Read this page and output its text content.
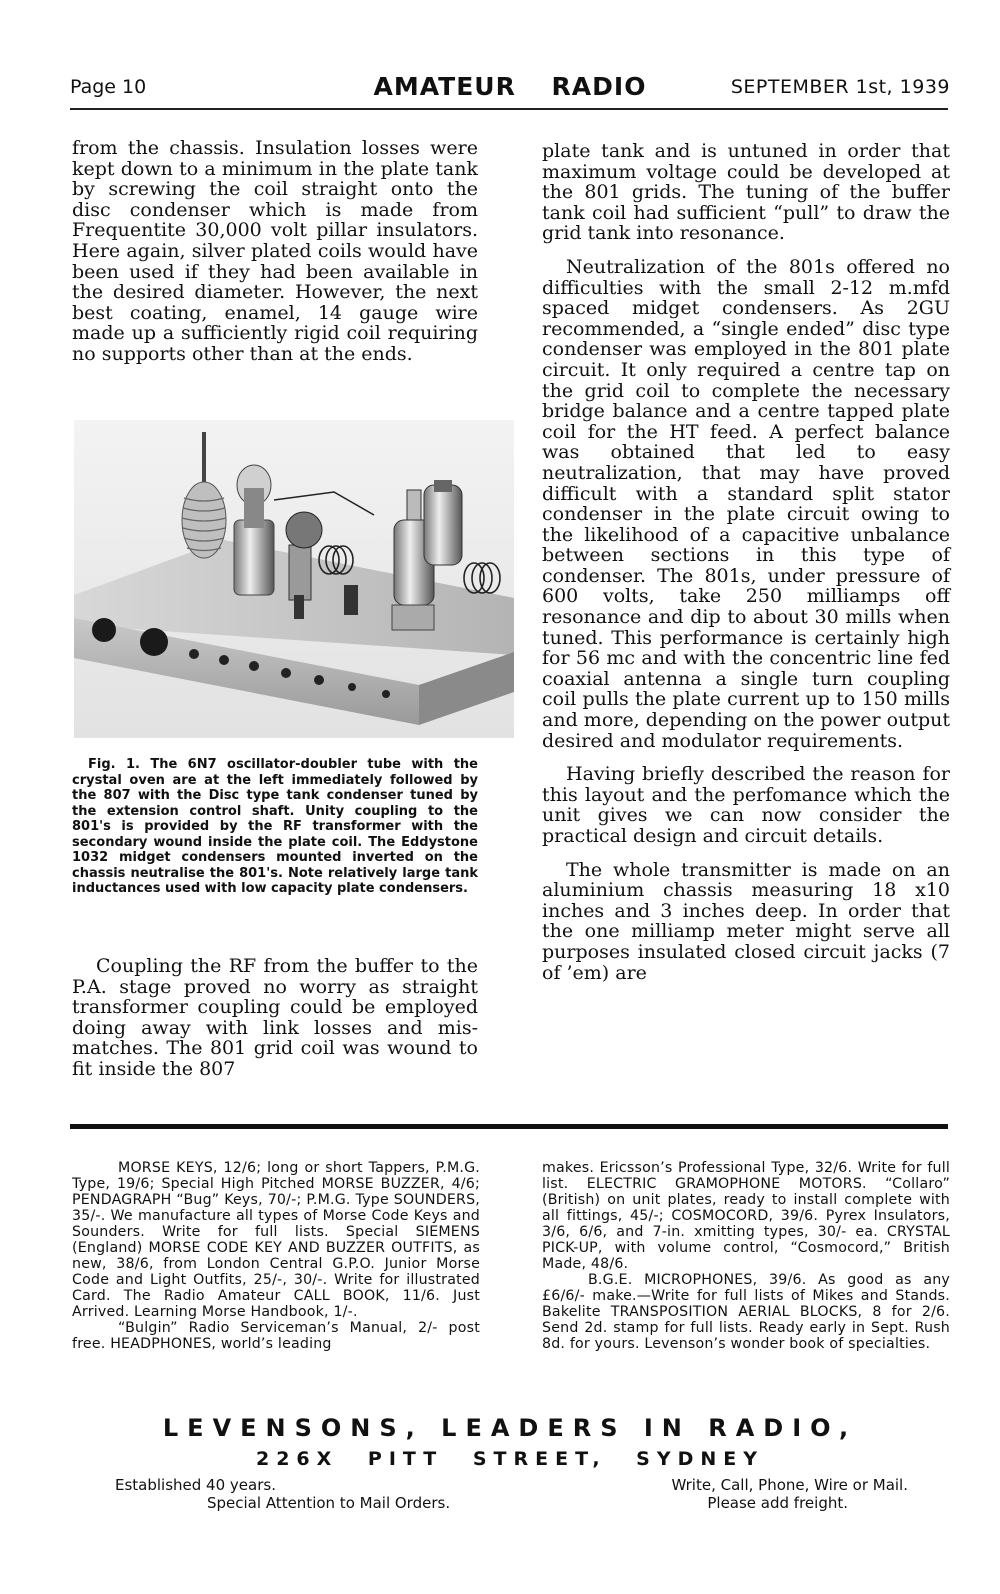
Page 10	AMATEUR RADIO	SEPTEMBER 1st, 1939

from the chassis. Insulation losses were kept down to a minimum in the plate tank by screwing the coil straight onto the disc condenser which is made from Frequentite 30,000 volt pillar insulators. Here again, silver plated coils would have been used if they had been available in the desired diameter. However, the next best coating, enamel, 14 gauge wire made up a sufficiently rigid coil requiring no supports other than at the ends.

Fig. 1. The 6N7 oscillator-doubler tube with the crystal oven are at the left immediately followed by the 807 with the Disc type tank condenser tuned by the extension control shaft. Unity coupling to the 801's is provided by the RF transformer with the secondary wound inside the plate coil. The Eddystone 1032 midget condensers mounted inverted on the chassis neutralise the 801's. Note relatively large tank inductances used with low capacity plate condensers.

Coupling the RF from the buffer to the P.A. stage proved no worry as straight transformer coupling could be employed doing away with link losses and mis-matches. The 801 grid coil was wound to fit inside the 807

plate tank and is untuned in order that maximum voltage could be developed at the 801 grids. The tuning of the buffer tank coil had sufficient “pull” to draw the grid tank into resonance.

Neutralization of the 801s offered no difficulties with the small 2-12 m.mfd spaced midget condensers. As 2GU recommended, a “single ended” disc type condenser was employed in the 801 plate circuit. It only required a centre tap on the grid coil to complete the necessary bridge balance and a centre tapped plate coil for the HT feed. A perfect balance was obtained that led to easy neutralization, that may have proved difficult with a standard split stator condenser in the plate circuit owing to the likelihood of a capacitive unbalance between sections in this type of condenser. The 801s, under pressure of 600 volts, take 250 milliamps off resonance and dip to about 30 mills when tuned. This performance is certainly high for 56 mc and with the concentric line fed coaxial antenna a single turn coupling coil pulls the plate current up to 150 mills and more, depending on the power output desired and modulator requirements.

Having briefly described the reason for this layout and the perfomance which the unit gives we can now consider the practical design and circuit details.

The whole transmitter is made on an aluminium chassis measuring 18 x10 inches and 3 inches deep. In order that the one milliamp meter might serve all purposes insulated closed circuit jacks (7 of ’em) are

MORSE KEYS, 12/6; long or short Tappers, P.M.G. Type, 19/6; Special High Pitched MORSE BUZZER, 4/6; PENDAGRAPH “Bug” Keys, 70/-; P.M.G. Type SOUNDERS, 35/-. We manufacture all types of Morse Code Keys and Sounders. Write for full lists. Special SIEMENS (England) MORSE CODE KEY AND BUZZER OUTFITS, as new, 38/6, from London Central G.P.O. Junior Morse Code and Light Outfits, 25/-, 30/-. Write for illustrated Card. The Radio Amateur CALL BOOK, 11/6. Just Arrived. Learning Morse Handbook, 1/-.

“Bulgin” Radio Serviceman’s Manual, 2/- post free. HEADPHONES, world’s leading

makes. Ericsson’s Professional Type, 32/6. Write for full list. ELECTRIC GRAMOPHONE MOTORS. “Collaro” (British) on unit plates, ready to install complete with all fittings, 45/-; COSMOCORD, 39/6. Pyrex Insulators, 3/6, 6/6, and 7-in. xmitting types, 30/- ea. CRYSTAL PICK-UP, with volume control, “Cosmocord,” British Made, 48/6.

B.G.E. MICROPHONES, 39/6. As good as any £6/6/- make.—Write for full lists of Mikes and Stands. Bakelite TRANSPOSITION AERIAL BLOCKS, 8 for 2/6. Send 2d. stamp for full lists. Ready early in Sept. Rush 8d. for yours. Levenson’s wonder book of specialties.

LEVENSONS, LEADERS IN RADIO,
226X PITT STREET, SYDNEY
Established 40 years.
Special Attention to Mail Orders.
Write, Call, Phone, Wire or Mail.
Please add freight.
